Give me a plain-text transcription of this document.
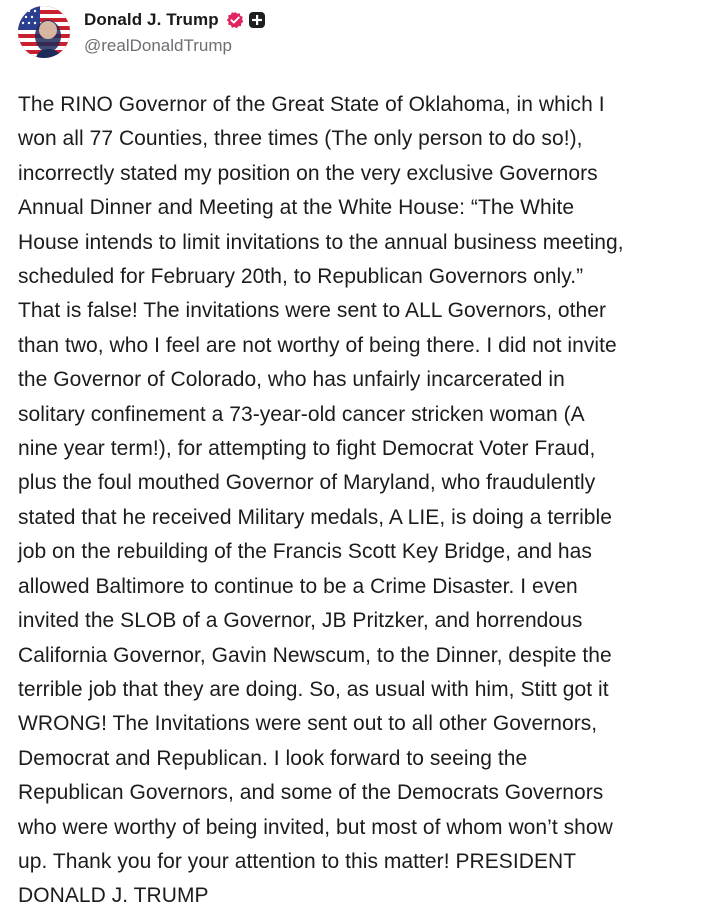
Donald J. Trump
@realDonaldTrump
The RINO Governor of the Great State of Oklahoma, in which I
won all 77 Counties, three times (The only person to do so!),
incorrectly stated my position on the very exclusive Governors
Annual Dinner and Meeting at the White House: “The White
House intends to limit invitations to the annual business meeting,
scheduled for February 20th, to Republican Governors only.”
That is false! The invitations were sent to ALL Governors, other
than two, who I feel are not worthy of being there. I did not invite
the Governor of Colorado, who has unfairly incarcerated in
solitary confinement a 73-year-old cancer stricken woman (A
nine year term!), for attempting to fight Democrat Voter Fraud,
plus the foul mouthed Governor of Maryland, who fraudulently
stated that he received Military medals, A LIE, is doing a terrible
job on the rebuilding of the Francis Scott Key Bridge, and has
allowed Baltimore to continue to be a Crime Disaster. I even
invited the SLOB of a Governor, JB Pritzker, and horrendous
California Governor, Gavin Newscum, to the Dinner, despite the
terrible job that they are doing. So, as usual with him, Stitt got it
WRONG! The Invitations were sent out to all other Governors,
Democrat and Republican. I look forward to seeing the
Republican Governors, and some of the Democrats Governors
who were worthy of being invited, but most of whom won’t show
up. Thank you for your attention to this matter! PRESIDENT
DONALD J. TRUMP
